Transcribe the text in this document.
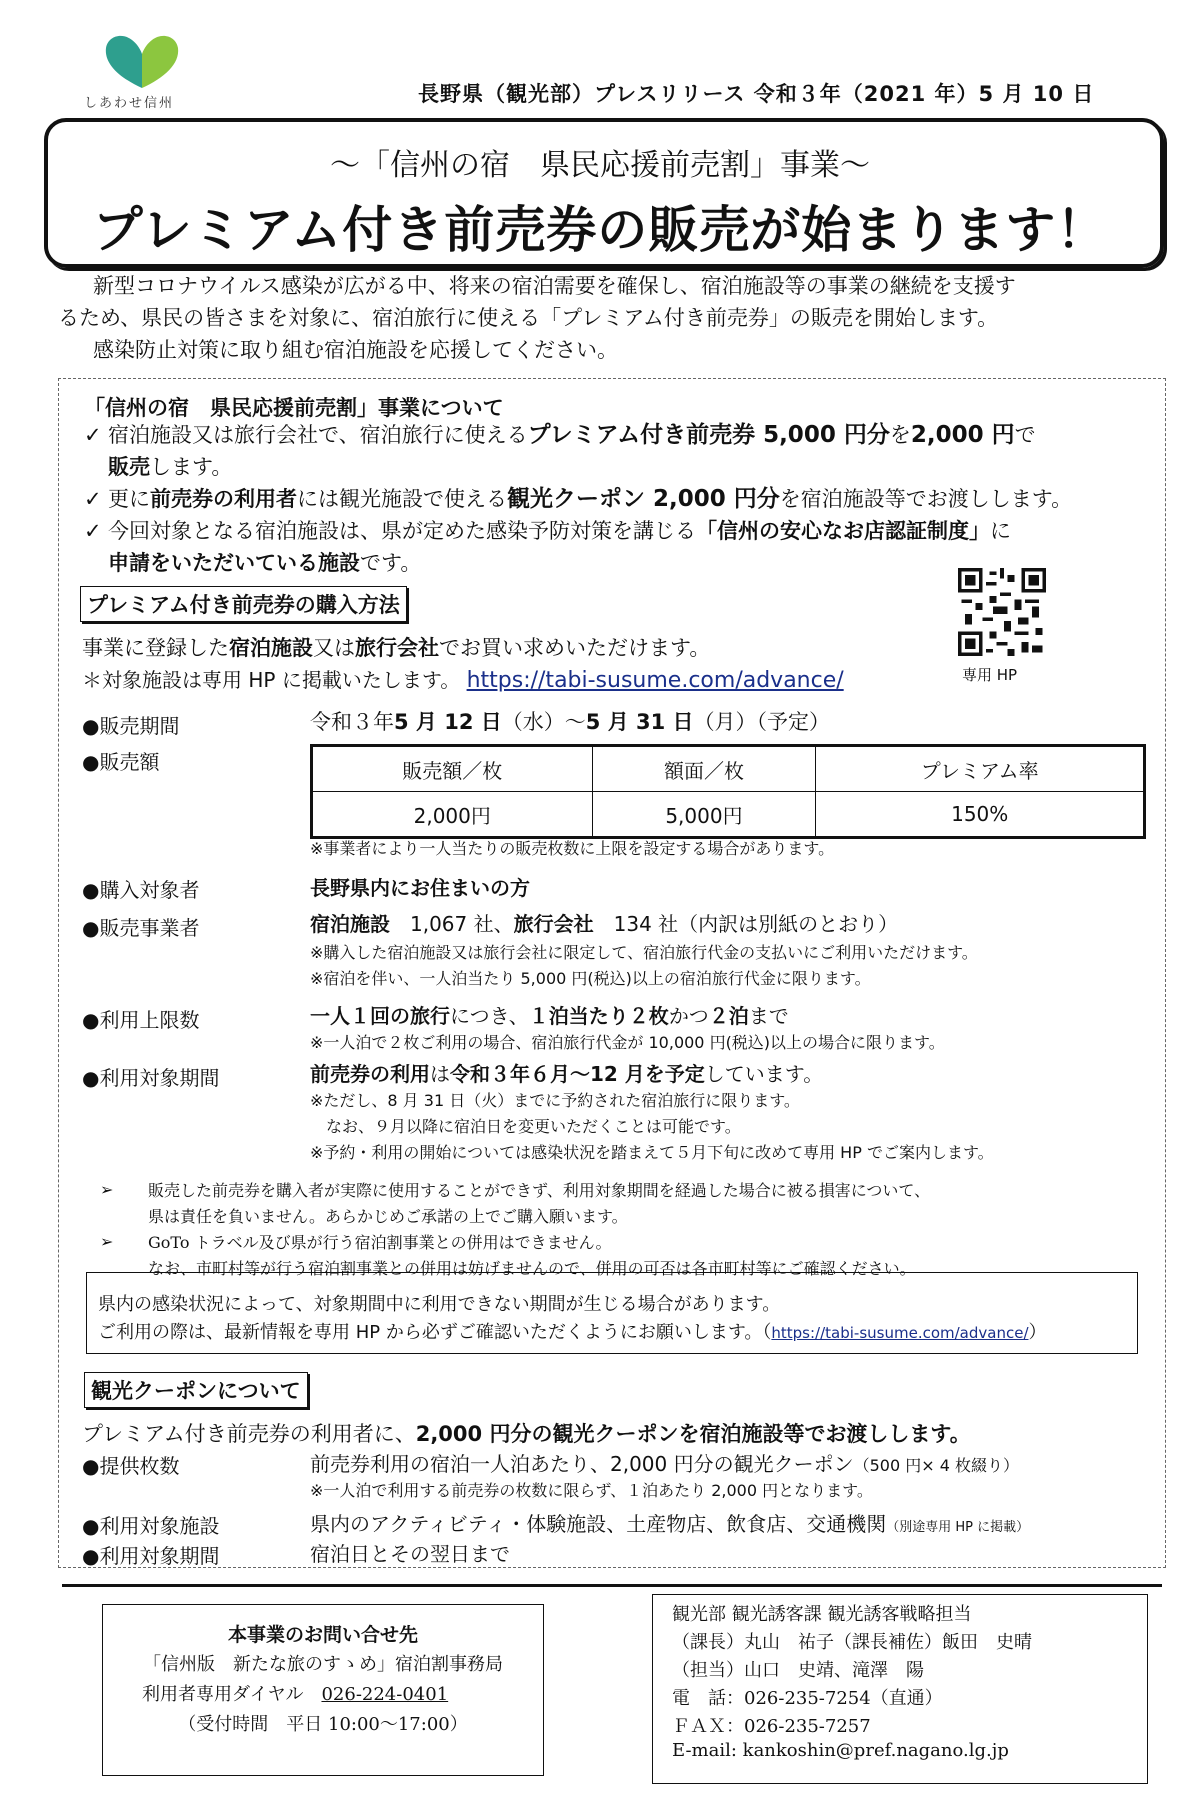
しあわせ信州	長野県（観光部）プレスリリース 令和３年（2021 年）5 月 10 日
～「信州の宿　県民応援前売割」事業～
プレミアム付き前売券の販売が始まります！

　新型コロナウイルス感染が広がる中、将来の宿泊需要を確保し、宿泊施設等の事業の継続を支援す

るため、県民の皆さまを対象に、宿泊旅行に使える「プレミアム付き前売券」の販売を開始します。

　感染防止対策に取り組む宿泊施設を応援してください。

「信州の宿　県民応援前売割」事業について
✓ 宿泊施設又は旅行会社で、宿泊旅行に使えるプレミアム付き前売券 5,000 円分を2,000 円で
販売します。
✓ 更に前売券の利用者には観光施設で使える観光クーポン 2,000 円分を宿泊施設等でお渡しします。
✓ 今回対象となる宿泊施設は、県が定めた感染予防対策を講じる「信州の安心なお店認証制度」に
申請をいただいている施設です。
プレミアム付き前売券の購入方法
事業に登録した宿泊施設又は旅行会社でお買い求めいただけます。
＊対象施設は専用 HP に掲載いたします。 https://tabi-susume.com/advance/	専用 HP
●販売期間	令和３年5 月 12 日（水）～5 月 31 日（月）（予定）
●販売額	販売額／枚	額面／枚	プレミアム率
2,000円	5,000円	150%
※事業者により一人当たりの販売枚数に上限を設定する場合があります。
●購入対象者	長野県内にお住まいの方
●販売事業者	宿泊施設　1,067 社、旅行会社　134 社（内訳は別紙のとおり）
※購入した宿泊施設又は旅行会社に限定して、宿泊旅行代金の支払いにご利用いただけます。
※宿泊を伴い、一人泊当たり 5,000 円(税込)以上の宿泊旅行代金に限ります。
●利用上限数	一人１回の旅行につき、１泊当たり２枚かつ２泊まで
※一人泊で２枚ご利用の場合、宿泊旅行代金が 10,000 円(税込)以上の場合に限ります。
●利用対象期間	前売券の利用は令和３年６月～12 月を予定しています。
※ただし、8 月 31 日（火）までに予約された宿泊旅行に限ります。
　なお、９月以降に宿泊日を変更いただくことは可能です。
※予約・利用の開始については感染状況を踏まえて５月下旬に改めて専用 HP でご案内します。
➢ 販売した前売券を購入者が実際に使用することができず、利用対象期間を経過した場合に被る損害について、
県は責任を負いません。あらかじめご承諾の上でご購入願います。
➢ GoTo トラベル及び県が行う宿泊割事業との併用はできません。
なお、市町村等が行う宿泊割事業との併用は妨げませんので、併用の可否は各市町村等にご確認ください。
県内の感染状況によって、対象期間中に利用できない期間が生じる場合があります。
ご利用の際は、最新情報を専用 HP から必ずご確認いただくようにお願いします。（https://tabi-susume.com/advance/）
観光クーポンについて
プレミアム付き前売券の利用者に、2,000 円分の観光クーポンを宿泊施設等でお渡しします。
●提供枚数	前売券利用の宿泊一人泊あたり、2,000 円分の観光クーポン（500 円× 4 枚綴り）
※一人泊で利用する前売券の枚数に限らず、１泊あたり 2,000 円となります。
●利用対象施設	県内のアクティビティ・体験施設、土産物店、飲食店、交通機関（別途専用 HP に掲載）
●利用対象期間	宿泊日とその翌日まで
本事業のお問い合せ先
「信州版　新たな旅のすゝめ」宿泊割事務局
利用者専用ダイヤル　026-224-0401
（受付時間　平日 10:00～17:00）
観光部 観光誘客課 観光誘客戦略担当
（課長）丸山　祐子（課長補佐）飯田　史晴
（担当）山口　史靖、滝澤　陽
電　話：026-235-7254（直通）
ＦＡＸ：026-235-7257
E-mail: kankoshin@pref.nagano.lg.jp
